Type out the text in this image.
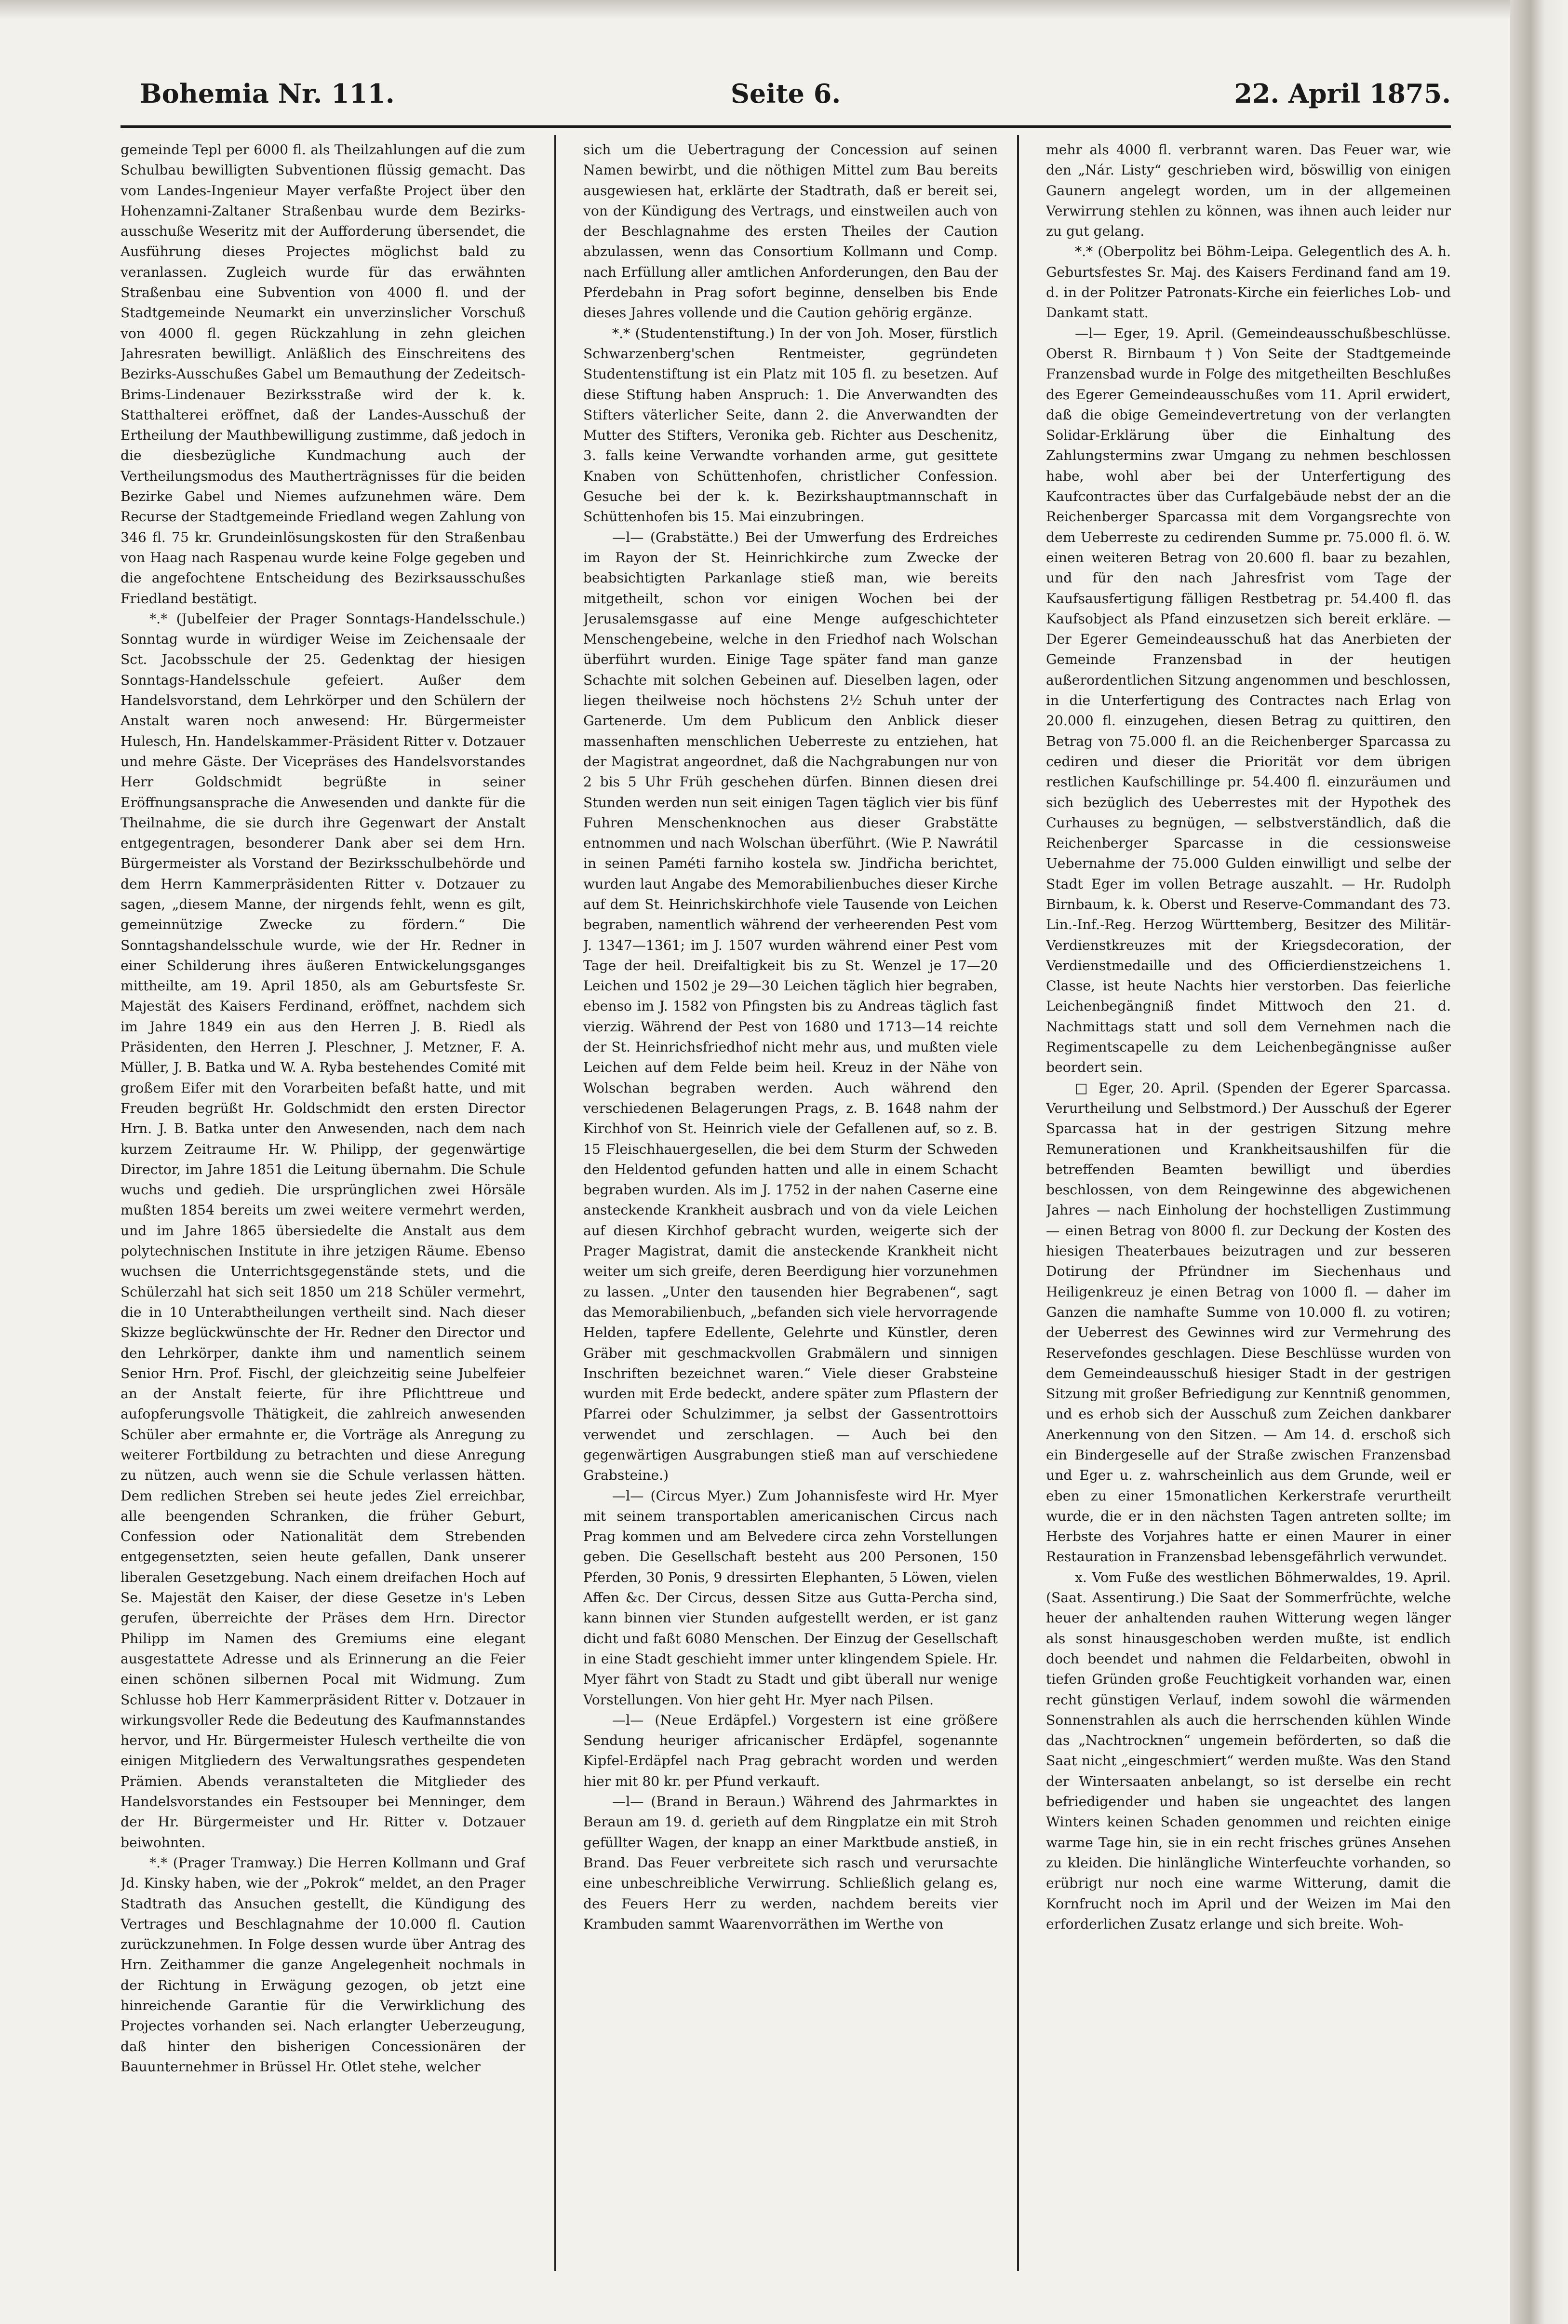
Bohemia Nr. 111.	Seite 6.	22. April 1875.

gemeinde Tepl per 6000 fl. als Theilzahlungen auf die zum Schulbau bewilligten Subventionen flüssig gemacht. Das vom Landes-Ingenieur Mayer verfaßte Project über den Hohenzamni-Zaltaner Straßenbau wurde dem Bezirks-ausschuße Weseritz mit der Aufforderung übersendet, die Ausführung dieses Projectes möglichst bald zu veranlassen. Zugleich wurde für das erwähnten Straßenbau eine Subvention von 4000 fl. und der Stadtgemeinde Neumarkt ein unverzinslicher Vorschuß von 4000 fl. gegen Rückzahlung in zehn gleichen Jahresraten bewilligt. Anläßlich des Einschreitens des Bezirks-Ausschußes Gabel um Bemauthung der Zedeitsch-Brims-Lindenauer Bezirksstraße wird der k. k. Statthalterei eröffnet, daß der Landes-Ausschuß der Ertheilung der Mauthbewilligung zustimme, daß jedoch in die diesbezügliche Kundmachung auch der Vertheilungsmodus des Mautherträgnisses für die beiden Bezirke Gabel und Niemes aufzunehmen wäre. Dem Recurse der Stadtgemeinde Friedland wegen Zahlung von 346 fl. 75 kr. Grundeinlösungskosten für den Straßenbau von Haag nach Raspenau wurde keine Folge gegeben und die angefochtene Entscheidung des Bezirksausschußes Friedland bestätigt.

*.* (Jubelfeier der Prager Sonntags-Handelsschule.) Sonntag wurde in würdiger Weise im Zeichensaale der Sct. Jacobsschule der 25. Gedenktag der hiesigen Sonntags-Handelsschule gefeiert. Außer dem Handelsvorstand, dem Lehrkörper und den Schülern der Anstalt waren noch anwesend: Hr. Bürgermeister Hulesch, Hn. Handelskammer-Präsident Ritter v. Dotzauer und mehre Gäste. Der Vicepräses des Handelsvorstandes Herr Goldschmidt begrüßte in seiner Eröffnungsansprache die Anwesenden und dankte für die Theilnahme, die sie durch ihre Gegenwart der Anstalt entgegentragen, besonderer Dank aber sei dem Hrn. Bürgermeister als Vorstand der Bezirksschulbehörde und dem Herrn Kammerpräsidenten Ritter v. Dotzauer zu sagen, „diesem Manne, der nirgends fehlt, wenn es gilt, gemeinnützige Zwecke zu fördern.“ Die Sonntagshandelsschule wurde, wie der Hr. Redner in einer Schilderung ihres äußeren Entwickelungsganges mittheilte, am 19. April 1850, als am Geburtsfeste Sr. Majestät des Kaisers Ferdinand, eröffnet, nachdem sich im Jahre 1849 ein aus den Herren J. B. Riedl als Präsidenten, den Herren J. Pleschner, J. Metzner, F. A. Müller, J. B. Batka und W. A. Ryba bestehendes Comité mit großem Eifer mit den Vorarbeiten befaßt hatte, und mit Freuden begrüßt Hr. Goldschmidt den ersten Director Hrn. J. B. Batka unter den Anwesenden, nach dem nach kurzem Zeitraume Hr. W. Philipp, der gegenwärtige Director, im Jahre 1851 die Leitung übernahm. Die Schule wuchs und gedieh. Die ursprünglichen zwei Hörsäle mußten 1854 bereits um zwei weitere vermehrt werden, und im Jahre 1865 übersiedelte die Anstalt aus dem polytechnischen Institute in ihre jetzigen Räume. Ebenso wuchsen die Unterrichtsgegenstände stets, und die Schülerzahl hat sich seit 1850 um 218 Schüler vermehrt, die in 10 Unterabtheilungen vertheilt sind. Nach dieser Skizze beglückwünschte der Hr. Redner den Director und den Lehrkörper, dankte ihm und namentlich seinem Senior Hrn. Prof. Fischl, der gleichzeitig seine Jubelfeier an der Anstalt feierte, für ihre Pflichttreue und aufopferungsvolle Thätigkeit, die zahlreich anwesenden Schüler aber ermahnte er, die Vorträge als Anregung zu weiterer Fortbildung zu betrachten und diese Anregung zu nützen, auch wenn sie die Schule verlassen hätten. Dem redlichen Streben sei heute jedes Ziel erreichbar, alle beengenden Schranken, die früher Geburt, Confession oder Nationalität dem Strebenden entgegensetzten, seien heute gefallen, Dank unserer liberalen Gesetzgebung. Nach einem dreifachen Hoch auf Se. Majestät den Kaiser, der diese Gesetze in's Leben gerufen, überreichte der Präses dem Hrn. Director Philipp im Namen des Gremiums eine elegant ausgestattete Adresse und als Erinnerung an die Feier einen schönen silbernen Pocal mit Widmung. Zum Schlusse hob Herr Kammerpräsident Ritter v. Dotzauer in wirkungsvoller Rede die Bedeutung des Kaufmannstandes hervor, und Hr. Bürgermeister Hulesch vertheilte die von einigen Mitgliedern des Verwaltungsrathes gespendeten Prämien. Abends veranstalteten die Mitglieder des Handelsvorstandes ein Festsouper bei Menninger, dem der Hr. Bürgermeister und Hr. Ritter v. Dotzauer beiwohnten.

*.* (Prager Tramway.) Die Herren Kollmann und Graf Jd. Kinsky haben, wie der „Pokrok“ meldet, an den Prager Stadtrath das Ansuchen gestellt, die Kündigung des Vertrages und Beschlagnahme der 10.000 fl. Caution zurückzunehmen. In Folge dessen wurde über Antrag des Hrn. Zeithammer die ganze Angelegenheit nochmals in der Richtung in Erwägung gezogen, ob jetzt eine hinreichende Garantie für die Verwirklichung des Projectes vorhanden sei. Nach erlangter Ueberzeugung, daß hinter den bisherigen Concessionären der Bauunternehmer in Brüssel Hr. Otlet stehe, welcher

sich um die Uebertragung der Concession auf seinen Namen bewirbt, und die nöthigen Mittel zum Bau bereits ausgewiesen hat, erklärte der Stadtrath, daß er bereit sei, von der Kündigung des Vertrags, und einstweilen auch von der Beschlagnahme des ersten Theiles der Caution abzulassen, wenn das Consortium Kollmann und Comp. nach Erfüllung aller amtlichen Anforderungen, den Bau der Pferdebahn in Prag sofort beginne, denselben bis Ende dieses Jahres vollende und die Caution gehörig ergänze.

*.* (Studentenstiftung.) In der von Joh. Moser, fürstlich Schwarzenberg'schen Rentmeister, gegründeten Studentenstiftung ist ein Platz mit 105 fl. zu besetzen. Auf diese Stiftung haben Anspruch: 1. Die Anverwandten des Stifters väterlicher Seite, dann 2. die Anverwandten der Mutter des Stifters, Veronika geb. Richter aus Deschenitz, 3. falls keine Verwandte vorhanden arme, gut gesittete Knaben von Schüttenhofen, christlicher Confession. Gesuche bei der k. k. Bezirkshauptmannschaft in Schüttenhofen bis 15. Mai einzubringen.

—l— (Grabstätte.) Bei der Umwerfung des Erdreiches im Rayon der St. Heinrichkirche zum Zwecke der beabsichtigten Parkanlage stieß man, wie bereits mitgetheilt, schon vor einigen Wochen bei der Jerusalemsgasse auf eine Menge aufgeschichteter Menschengebeine, welche in den Friedhof nach Wolschan überführt wurden. Einige Tage später fand man ganze Schachte mit solchen Gebeinen auf. Dieselben lagen, oder liegen theilweise noch höchstens 2½ Schuh unter der Gartenerde. Um dem Publicum den Anblick dieser massenhaften menschlichen Ueberreste zu entziehen, hat der Magistrat angeordnet, daß die Nachgrabungen nur von 2 bis 5 Uhr Früh geschehen dürfen. Binnen diesen drei Stunden werden nun seit einigen Tagen täglich vier bis fünf Fuhren Menschenknochen aus dieser Grabstätte entnommen und nach Wolschan überführt. (Wie P. Nawrátil in seinen Paméti farniho kostela sw. Jindřicha berichtet, wurden laut Angabe des Memorabilienbuches dieser Kirche auf dem St. Heinrichskirchhofe viele Tausende von Leichen begraben, namentlich während der verheerenden Pest vom J. 1347—1361; im J. 1507 wurden während einer Pest vom Tage der heil. Dreifaltigkeit bis zu St. Wenzel je 17—20 Leichen und 1502 je 29—30 Leichen täglich hier begraben, ebenso im J. 1582 von Pfingsten bis zu Andreas täglich fast vierzig. Während der Pest von 1680 und 1713—14 reichte der St. Heinrichsfriedhof nicht mehr aus, und mußten viele Leichen auf dem Felde beim heil. Kreuz in der Nähe von Wolschan begraben werden. Auch während den verschiedenen Belagerungen Prags, z. B. 1648 nahm der Kirchhof von St. Heinrich viele der Gefallenen auf, so z. B. 15 Fleischhauergesellen, die bei dem Sturm der Schweden den Heldentod gefunden hatten und alle in einem Schacht begraben wurden. Als im J. 1752 in der nahen Caserne eine ansteckende Krankheit ausbrach und von da viele Leichen auf diesen Kirchhof gebracht wurden, weigerte sich der Prager Magistrat, damit die ansteckende Krankheit nicht weiter um sich greife, deren Beerdigung hier vorzunehmen zu lassen. „Unter den tausenden hier Begrabenen“, sagt das Memorabilienbuch, „befanden sich viele hervorragende Helden, tapfere Edellente, Gelehrte und Künstler, deren Gräber mit geschmackvollen Grabmälern und sinnigen Inschriften bezeichnet waren.“ Viele dieser Grabsteine wurden mit Erde bedeckt, andere später zum Pflastern der Pfarrei oder Schulzimmer, ja selbst der Gassentrottoirs verwendet und zerschlagen. — Auch bei den gegenwärtigen Ausgrabungen stieß man auf verschiedene Grabsteine.)

—l— (Circus Myer.) Zum Johannisfeste wird Hr. Myer mit seinem transportablen americanischen Circus nach Prag kommen und am Belvedere circa zehn Vorstellungen geben. Die Gesellschaft besteht aus 200 Personen, 150 Pferden, 30 Ponis, 9 dressirten Elephanten, 5 Löwen, vielen Affen &c. Der Circus, dessen Sitze aus Gutta-Percha sind, kann binnen vier Stunden aufgestellt werden, er ist ganz dicht und faßt 6080 Menschen. Der Einzug der Gesellschaft in eine Stadt geschieht immer unter klingendem Spiele. Hr. Myer fährt von Stadt zu Stadt und gibt überall nur wenige Vorstellungen. Von hier geht Hr. Myer nach Pilsen.

—l— (Neue Erdäpfel.) Vorgestern ist eine größere Sendung heuriger africanischer Erdäpfel, sogenannte Kipfel-Erdäpfel nach Prag gebracht worden und werden hier mit 80 kr. per Pfund verkauft.

—l— (Brand in Beraun.) Während des Jahrmarktes in Beraun am 19. d. gerieth auf dem Ringplatze ein mit Stroh gefüllter Wagen, der knapp an einer Marktbude anstieß, in Brand. Das Feuer verbreitete sich rasch und verursachte eine unbeschreibliche Verwirrung. Schließlich gelang es, des Feuers Herr zu werden, nachdem bereits vier Krambuden sammt Waarenvorräthen im Werthe von

mehr als 4000 fl. verbrannt waren. Das Feuer war, wie den „Nár. Listy“ geschrieben wird, böswillig von einigen Gaunern angelegt worden, um in der allgemeinen Verwirrung stehlen zu können, was ihnen auch leider nur zu gut gelang.

*.* (Oberpolitz bei Böhm-Leipa. Gelegentlich des A. h. Geburtsfestes Sr. Maj. des Kaisers Ferdinand fand am 19. d. in der Politzer Patronats-Kirche ein feierliches Lob- und Dankamt statt.

—l— Eger, 19. April. (Gemeindeausschußbeschlüsse. Oberst R. Birnbaum †) Von Seite der Stadtgemeinde Franzensbad wurde in Folge des mitgetheilten Beschlußes des Egerer Gemeindeausschußes vom 11. April erwidert, daß die obige Gemeindevertretung von der verlangten Solidar-Erklärung über die Einhaltung des Zahlungstermins zwar Umgang zu nehmen beschlossen habe, wohl aber bei der Unterfertigung des Kaufcontractes über das Curfalgebäude nebst der an die Reichenberger Sparcassa mit dem Vorgangsrechte von dem Ueberreste zu cedirenden Summe pr. 75.000 fl. ö. W. einen weiteren Betrag von 20.600 fl. baar zu bezahlen, und für den nach Jahresfrist vom Tage der Kaufsausfertigung fälligen Restbetrag pr. 54.400 fl. das Kaufsobject als Pfand einzusetzen sich bereit erkläre. — Der Egerer Gemeindeausschuß hat das Anerbieten der Gemeinde Franzensbad in der heutigen außerordentlichen Sitzung angenommen und beschlossen, in die Unterfertigung des Contractes nach Erlag von 20.000 fl. einzugehen, diesen Betrag zu quittiren, den Betrag von 75.000 fl. an die Reichenberger Sparcassa zu cediren und dieser die Priorität vor dem übrigen restlichen Kaufschillinge pr. 54.400 fl. einzuräumen und sich bezüglich des Ueberrestes mit der Hypothek des Curhauses zu begnügen, — selbstverständlich, daß die Reichenberger Sparcasse in die cessionsweise Uebernahme der 75.000 Gulden einwilligt und selbe der Stadt Eger im vollen Betrage auszahlt. — Hr. Rudolph Birnbaum, k. k. Oberst und Reserve-Commandant des 73. Lin.-Inf.-Reg. Herzog Württemberg, Besitzer des Militär-Verdienstkreuzes mit der Kriegsdecoration, der Verdienstmedaille und des Officierdienstzeichens 1. Classe, ist heute Nachts hier verstorben. Das feierliche Leichenbegängniß findet Mittwoch den 21. d. Nachmittags statt und soll dem Vernehmen nach die Regimentscapelle zu dem Leichenbegängnisse außer beordert sein.

□ Eger, 20. April. (Spenden der Egerer Sparcassa. Verurtheilung und Selbstmord.) Der Ausschuß der Egerer Sparcassa hat in der gestrigen Sitzung mehre Remunerationen und Krankheitsaushilfen für die betreffenden Beamten bewilligt und überdies beschlossen, von dem Reingewinne des abgewichenen Jahres — nach Einholung der hochstelligen Zustimmung — einen Betrag von 8000 fl. zur Deckung der Kosten des hiesigen Theaterbaues beizutragen und zur besseren Dotirung der Pfründner im Siechenhaus und Heiligenkreuz je einen Betrag von 1000 fl. — daher im Ganzen die namhafte Summe von 10.000 fl. zu votiren; der Ueberrest des Gewinnes wird zur Vermehrung des Reservefondes geschlagen. Diese Beschlüsse wurden von dem Gemeindeausschuß hiesiger Stadt in der gestrigen Sitzung mit großer Befriedigung zur Kenntniß genommen, und es erhob sich der Ausschuß zum Zeichen dankbarer Anerkennung von den Sitzen. — Am 14. d. erschoß sich ein Bindergeselle auf der Straße zwischen Franzensbad und Eger u. z. wahrscheinlich aus dem Grunde, weil er eben zu einer 15monatlichen Kerkerstrafe verurtheilt wurde, die er in den nächsten Tagen antreten sollte; im Herbste des Vorjahres hatte er einen Maurer in einer Restauration in Franzensbad lebensgefährlich verwundet.

x. Vom Fuße des westlichen Böhmerwaldes, 19. April. (Saat. Assentirung.) Die Saat der Sommerfrüchte, welche heuer der anhaltenden rauhen Witterung wegen länger als sonst hinausgeschoben werden mußte, ist endlich doch beendet und nahmen die Feldarbeiten, obwohl in tiefen Gründen große Feuchtigkeit vorhanden war, einen recht günstigen Verlauf, indem sowohl die wärmenden Sonnenstrahlen als auch die herrschenden kühlen Winde das „Nachtrocknen“ ungemein beförderten, so daß die Saat nicht „eingeschmiert“ werden mußte. Was den Stand der Wintersaaten anbelangt, so ist derselbe ein recht befriedigender und haben sie ungeachtet des langen Winters keinen Schaden genommen und reichten einige warme Tage hin, sie in ein recht frisches grünes Ansehen zu kleiden. Die hinlängliche Winterfeuchte vorhanden, so erübrigt nur noch eine warme Witterung, damit die Kornfrucht noch im April und der Weizen im Mai den erforderlichen Zusatz erlange und sich breite. Woh-
